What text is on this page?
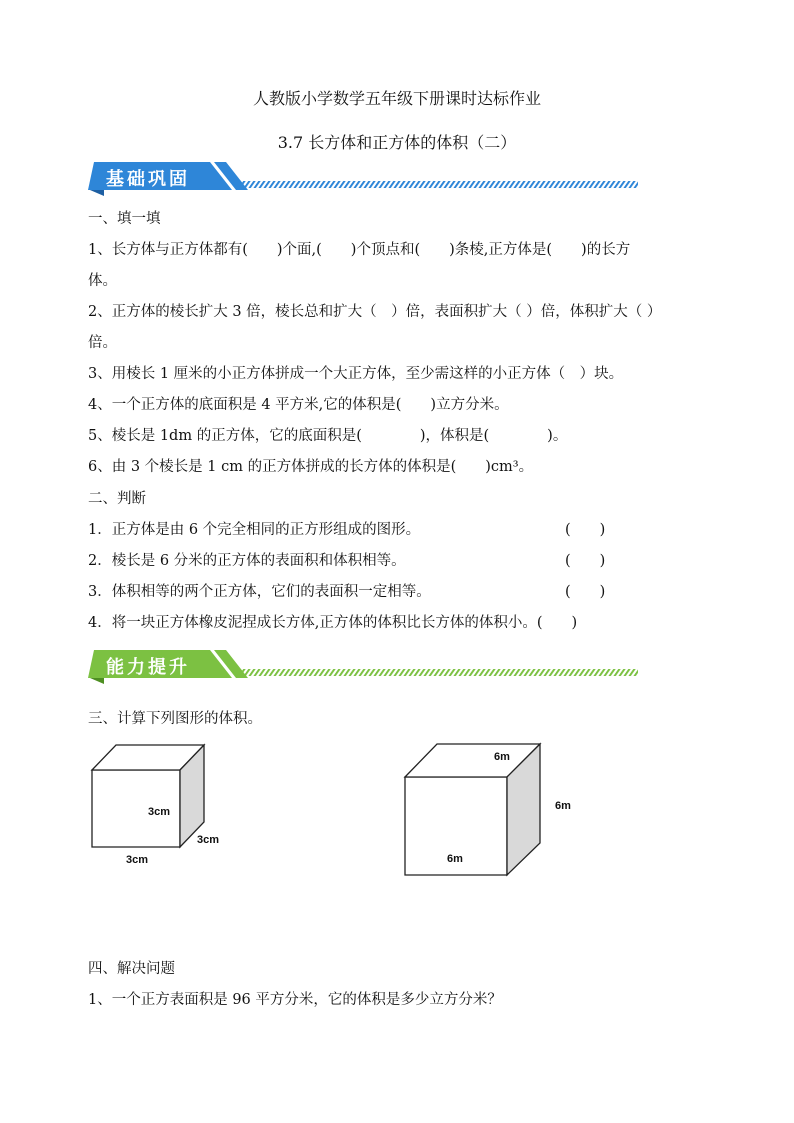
人教版小学数学五年级下册课时达标作业
3.7 长方体和正方体的体积（二）
基础巩固
一、填一填
1、长方体与正方体都有(　　)个面,(　　)个顶点和(　　)条棱,正方体是(　　)的长方
体。
2、正方体的棱长扩大 3 倍，棱长总和扩大（　）倍，表面积扩大（ ）倍，体积扩大（ ）
倍。
3、用棱长 1 厘米的小正方体拼成一个大正方体，至少需这样的小正方体（　）块。
4、一个正方体的底面积是 4 平方米,它的体积是(　　)立方分米。
5、棱长是 1dm 的正方体，它的底面积是(　　　　)，体积是(　　　　)。
6、由 3 个棱长是 1 cm 的正方体拼成的长方体的体积是(　　)cm³。
二、判断
1．正方体是由 6 个完全相同的正方形组成的图形。	(　　)
2．棱长是 6 分米的正方体的表面积和体积相等。	(　　)
3．体积相等的两个正方体，它们的表面积一定相等。	(　　)
4．将一块正方体橡皮泥捏成长方体,正方体的体积比长方体的体积小。(　　)
能力提升
三、计算下列图形的体积。
3cm
3cm
3cm
6m
6m
6m
四、解决问题
1、一个正方表面积是 96 平方分米，它的体积是多少立方分米？
